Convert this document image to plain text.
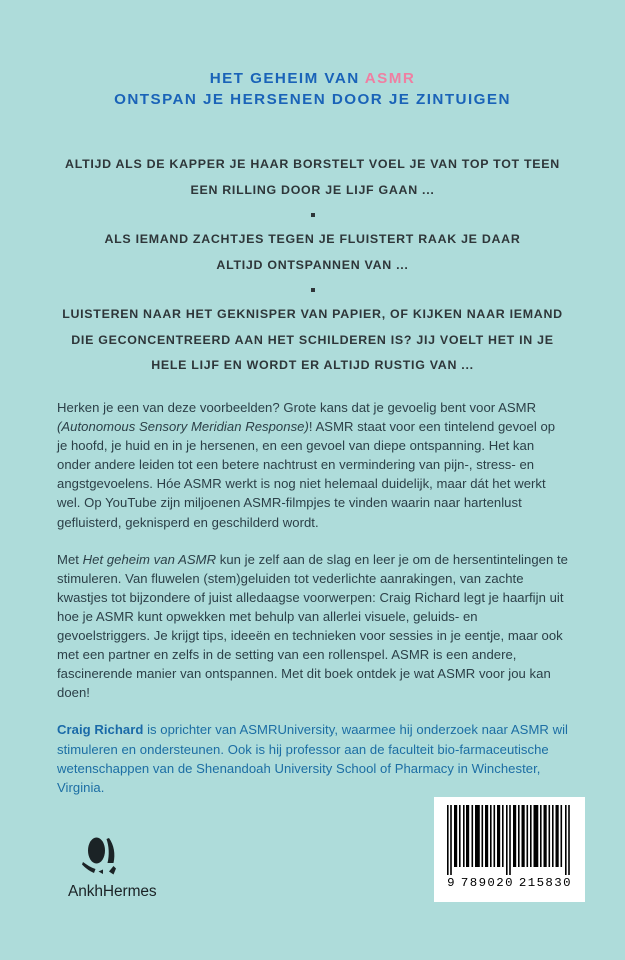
HET GEHEIM VAN ASMR
ONTSPAN JE HERSENEN DOOR JE ZINTUIGEN
ALTIJD ALS DE KAPPER JE HAAR BORSTELT VOEL JE VAN TOP TOT TEEN
EEN RILLING DOOR JE LIJF GAAN ...
ALS IEMAND ZACHTJES TEGEN JE FLUISTERT RAAK JE DAAR
ALTIJD ONTSPANNEN VAN ...
LUISTEREN NAAR HET GEKNISPER VAN PAPIER, OF KIJKEN NAAR IEMAND
DIE GECONCENTREERD AAN HET SCHILDEREN IS? JIJ VOELT HET IN JE
HELE LIJF EN WORDT ER ALTIJD RUSTIG VAN ...

Herken je een van deze voorbeelden? Grote kans dat je gevoelig bent voor ASMR (Autonomous Sensory Meridian Response)! ASMR staat voor een tintelend gevoel op je hoofd, je huid en in je hersenen, en een gevoel van diepe ontspanning. Het kan onder andere leiden tot een betere nachtrust en vermindering van pijn-, stress- en angstgevoelens. Hóe ASMR werkt is nog niet helemaal duidelijk, maar dát het werkt wel. Op YouTube zijn miljoenen ASMR-filmpjes te vinden waarin naar hartenlust gefluisterd, geknisperd en geschilderd wordt.

Met Het geheim van ASMR kun je zelf aan de slag en leer je om de hersentintelingen te stimuleren. Van fluwelen (stem)geluiden tot vederlichte aanrakingen, van zachte kwastjes tot bijzondere of juist alledaagse voorwerpen: Craig Richard legt je haarfijn uit hoe je ASMR kunt opwekken met behulp van allerlei visuele, geluids- en gevoelstriggers. Je krijgt tips, ideeën en technieken voor sessies in je eentje, maar ook met een partner en zelfs in de setting van een rollenspel. ASMR is een andere, fascinerende manier van ontspannen. Met dit boek ontdek je wat ASMR voor jou kan doen!

Craig Richard is oprichter van ASMRUniversity, waarmee hij onderzoek naar ASMR wil stimuleren en ondersteunen. Ook is hij professor aan de faculteit bio-farmaceutische wetenschappen van de Shenandoah University School of Pharmacy in Winchester, Virginia.

AnkhHermes	9 789020 215830
